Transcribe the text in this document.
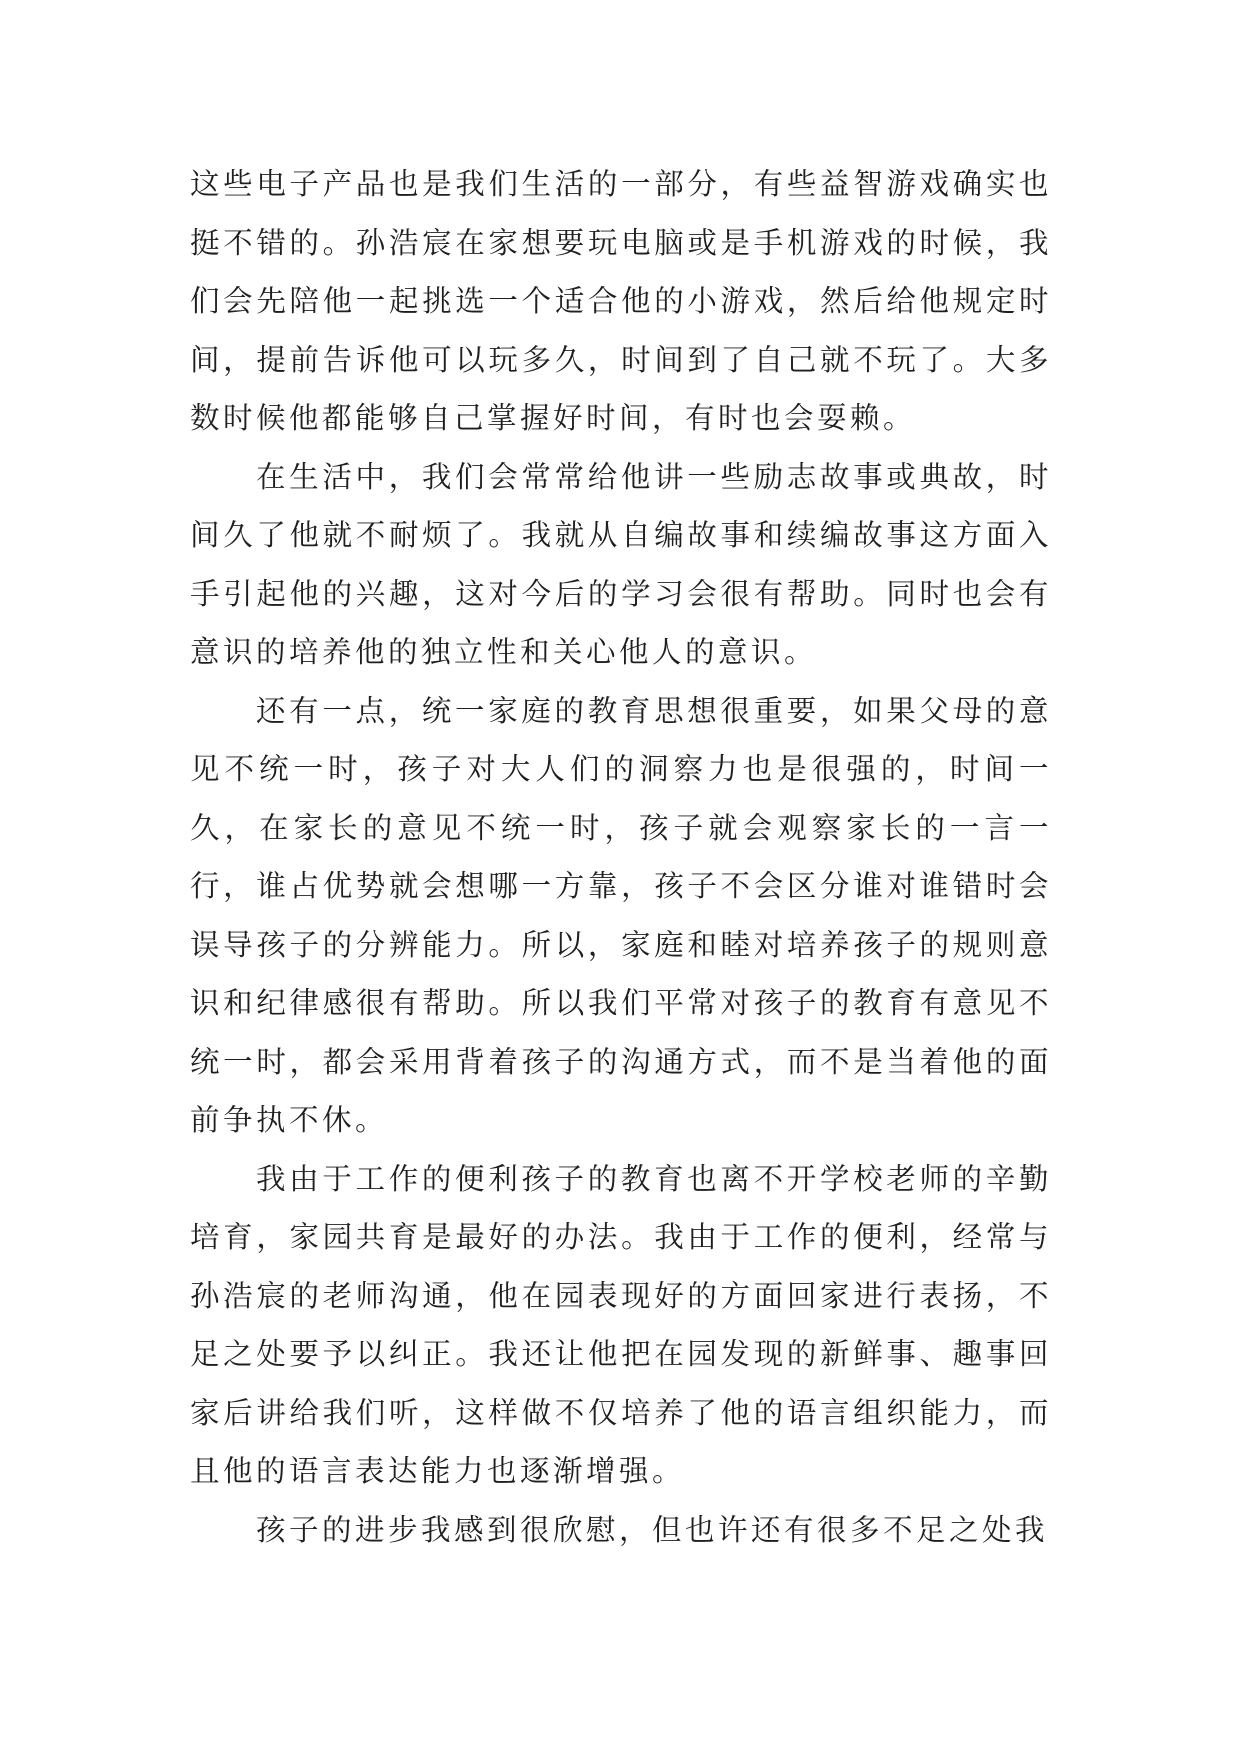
这些电子产品也是我们生活的一部分，有些益智游戏确实也挺不错的。孙浩宸在家想要玩电脑或是手机游戏的时候，我们会先陪他一起挑选一个适合他的小游戏，然后给他规定时间，提前告诉他可以玩多久，时间到了自己就不玩了。大多数时候他都能够自己掌握好时间，有时也会耍赖。

在生活中，我们会常常给他讲一些励志故事或典故，时间久了他就不耐烦了。我就从自编故事和续编故事这方面入手引起他的兴趣，这对今后的学习会很有帮助。同时也会有意识的培养他的独立性和关心他人的意识。

还有一点，统一家庭的教育思想很重要，如果父母的意见不统一时，孩子对大人们的洞察力也是很强的，时间一久，在家长的意见不统一时，孩子就会观察家长的一言一行，谁占优势就会想哪一方靠，孩子不会区分谁对谁错时会误导孩子的分辨能力。所以，家庭和睦对培养孩子的规则意识和纪律感很有帮助。所以我们平常对孩子的教育有意见不统一时，都会采用背着孩子的沟通方式，而不是当着他的面前争执不休。

我由于工作的便利孩子的教育也离不开学校老师的辛勤培育，家园共育是最好的办法。我由于工作的便利，经常与孙浩宸的老师沟通，他在园表现好的方面回家进行表扬，不足之处要予以纠正。我还让他把在园发现的新鲜事、趣事回家后讲给我们听，这样做不仅培养了他的语言组织能力，而且他的语言表达能力也逐渐增强。

孩子的进步我感到很欣慰，但也许还有很多不足之处我
